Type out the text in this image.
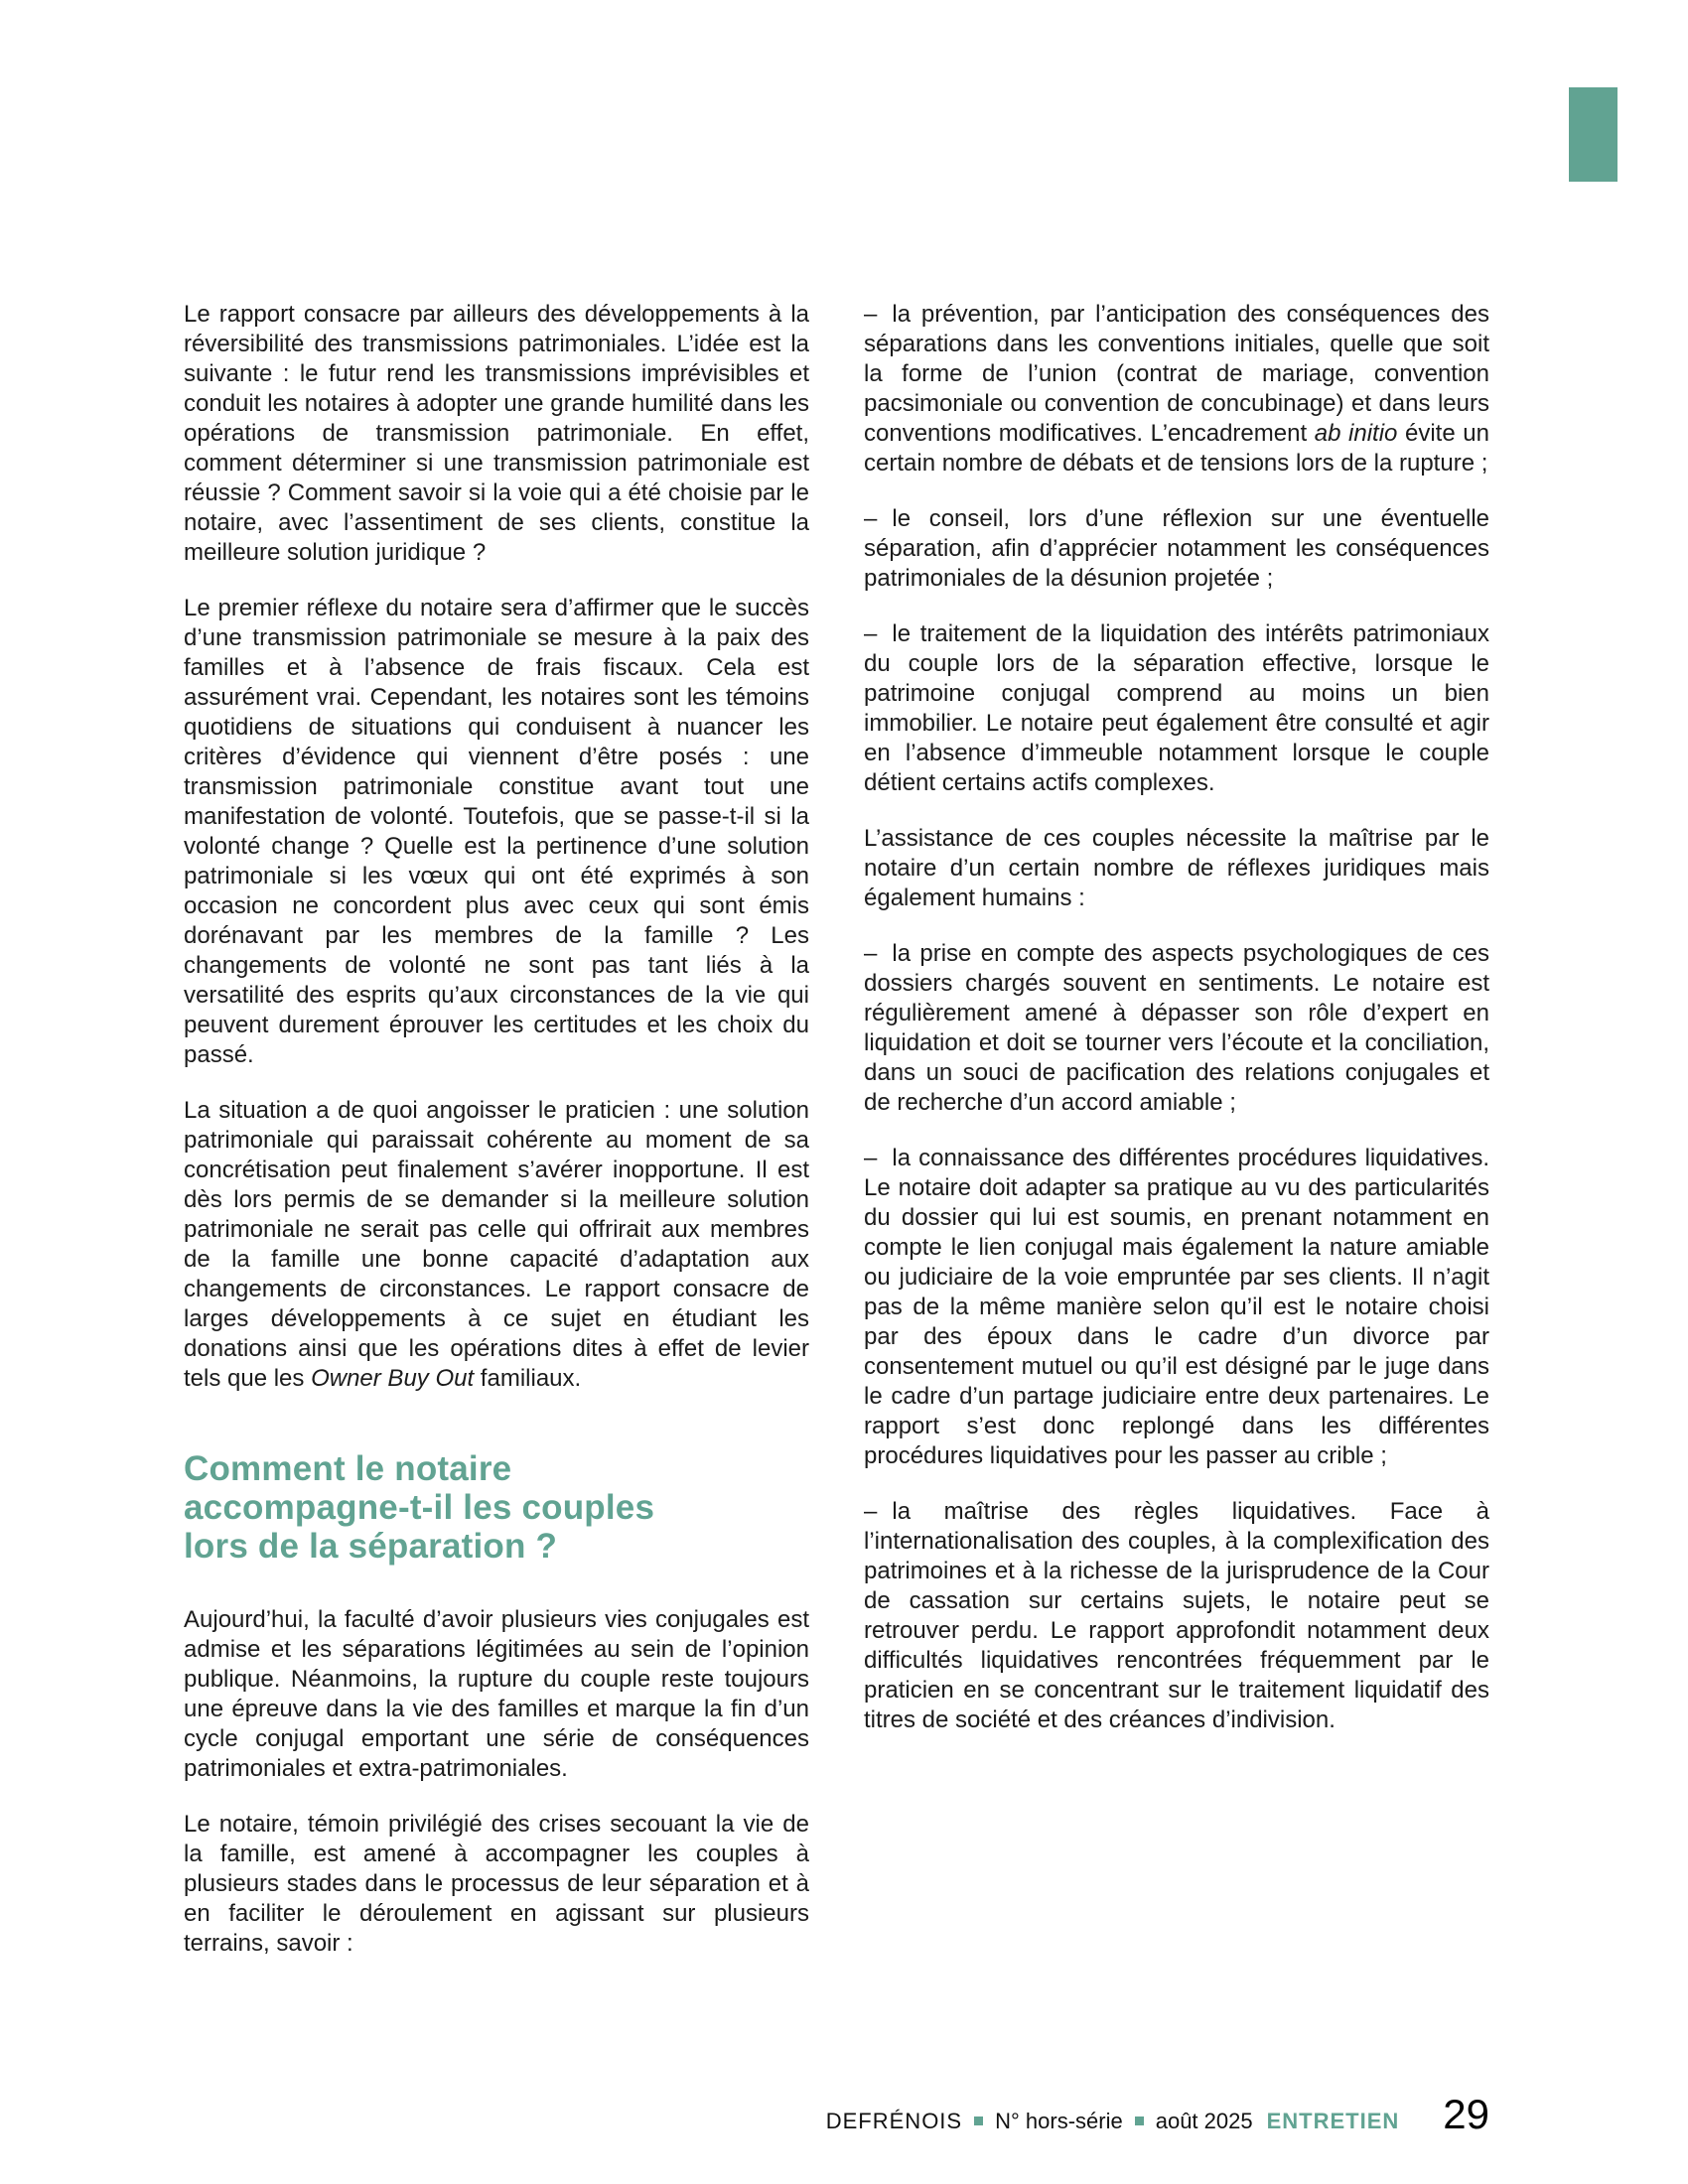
Le rapport consacre par ailleurs des développements à la réversibilité des transmissions patrimoniales. L’idée est la suivante : le futur rend les transmissions imprévisibles et conduit les notaires à adopter une grande humilité dans les opérations de transmission patrimoniale. En effet, comment déterminer si une transmission patrimoniale est réussie ? Comment savoir si la voie qui a été choisie par le notaire, avec l’assentiment de ses clients, constitue la meilleure solution juridique ?

Le premier réflexe du notaire sera d’affirmer que le succès d’une transmission patrimoniale se mesure à la paix des familles et à l’absence de frais fiscaux. Cela est assurément vrai. Cependant, les notaires sont les témoins quotidiens de situations qui conduisent à nuancer les critères d’évidence qui viennent d’être posés : une transmission patrimoniale constitue avant tout une manifestation de volonté. Toutefois, que se passe-t-il si la volonté change ? Quelle est la pertinence d’une solution patrimoniale si les vœux qui ont été exprimés à son occasion ne concordent plus avec ceux qui sont émis dorénavant par les membres de la famille ? Les changements de volonté ne sont pas tant liés à la versatilité des esprits qu’aux circonstances de la vie qui peuvent durement éprouver les certitudes et les choix du passé.

La situation a de quoi angoisser le praticien : une solution patrimoniale qui paraissait cohérente au moment de sa concrétisation peut finalement s’avérer inopportune. Il est dès lors permis de se demander si la meilleure solution patrimoniale ne serait pas celle qui offrirait aux membres de la famille une bonne capacité d’adaptation aux changements de circonstances. Le rapport consacre de larges développements à ce sujet en étudiant les donations ainsi que les opérations dites à effet de levier tels que les Owner Buy Out familiaux.

Comment le notaire
accompagne-t-il les couples
lors de la séparation ?

Aujourd’hui, la faculté d’avoir plusieurs vies conjugales est admise et les séparations légitimées au sein de l’opinion publique. Néanmoins, la rupture du couple reste toujours une épreuve dans la vie des familles et marque la fin d’un cycle conjugal emportant une série de conséquences patrimoniales et extra-patrimoniales.

Le notaire, témoin privilégié des crises secouant la vie de la famille, est amené à accompagner les couples à plusieurs stades dans le processus de leur séparation et à en faciliter le déroulement en agissant sur plusieurs terrains, savoir :

– la prévention, par l’anticipation des conséquences des séparations dans les conventions initiales, quelle que soit la forme de l’union (contrat de mariage, convention pacsimoniale ou convention de concubinage) et dans leurs conventions modificatives. L’encadrement ab initio évite un certain nombre de débats et de tensions lors de la rupture ;

– le conseil, lors d’une réflexion sur une éventuelle séparation, afin d’apprécier notamment les conséquences patrimoniales de la désunion projetée ;

– le traitement de la liquidation des intérêts patrimoniaux du couple lors de la séparation effective, lorsque le patrimoine conjugal comprend au moins un bien immobilier. Le notaire peut également être consulté et agir en l’absence d’immeuble notamment lorsque le couple détient certains actifs complexes.

L’assistance de ces couples nécessite la maîtrise par le notaire d’un certain nombre de réflexes juridiques mais également humains :

– la prise en compte des aspects psychologiques de ces dossiers chargés souvent en sentiments. Le notaire est régulièrement amené à dépasser son rôle d’expert en liquidation et doit se tourner vers l’écoute et la conciliation, dans un souci de pacification des relations conjugales et de recherche d’un accord amiable ;

– la connaissance des différentes procédures liquidatives. Le notaire doit adapter sa pratique au vu des particularités du dossier qui lui est soumis, en prenant notamment en compte le lien conjugal mais également la nature amiable ou judiciaire de la voie empruntée par ses clients. Il n’agit pas de la même manière selon qu’il est le notaire choisi par des époux dans le cadre d’un divorce par consentement mutuel ou qu’il est désigné par le juge dans le cadre d’un partage judiciaire entre deux partenaires. Le rapport s’est donc replongé dans les différentes procédures liquidatives pour les passer au crible ;

– la maîtrise des règles liquidatives. Face à l’internationalisation des couples, à la complexification des patrimoines et à la richesse de la jurisprudence de la Cour de cassation sur certains sujets, le notaire peut se retrouver perdu. Le rapport approfondit notamment deux difficultés liquidatives rencontrées fréquemment par le praticien en se concentrant sur le traitement liquidatif des titres de société et des créances d’indivision.

DEFRÉNOIS N° hors-série août 2025 ENTRETIEN 29
